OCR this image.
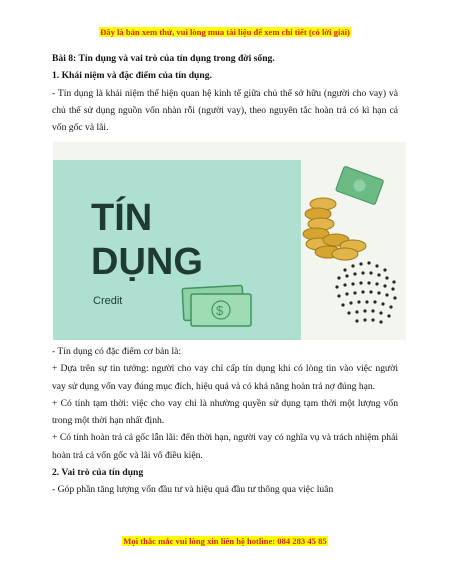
Đây là bản xem thử, vui lòng mua tài liệu để xem chi tiết (có lời giải)

Bài 8: Tín dụng và vai trò của tín dụng trong đời sống.

1. Khái niệm và đặc điểm của tín dụng.

- Tín dụng là khái niệm thể hiện quan hệ kinh tế giữa chủ thể sở hữu (người cho vay) và chủ thể sử dụng nguồn vốn nhàn rỗi (người vay), theo nguyên tắc hoàn trả có kì hạn cả vốn gốc và lãi.

TÍN
DỤNG
Credit
$

- Tín dụng có đặc điểm cơ bản là:

+ Dựa trên sự tin tưởng: người cho vay chỉ cấp tín dụng khi có lòng tin vào việc người vay sử dụng vốn vay đúng mục đích, hiệu quả và có khả năng hoàn trả nợ đúng hạn.

+ Có tính tạm thời: việc cho vay chỉ là nhường quyền sử dụng tạm thời một lượng vốn trong một thời hạn nhất định.

+ Có tính hoàn trả cả gốc lẫn lãi: đến thời hạn, người vay có nghĩa vụ và trách nhiệm phải hoàn trả cả vốn gốc và lãi vô điều kiện.

2. Vai trò của tín dụng

- Góp phần tăng lượng vốn đầu tư và hiệu quả đầu tư thông qua việc luân

Mọi thắc mắc vui lòng xin liên hệ hotline: 084 283 45 85
